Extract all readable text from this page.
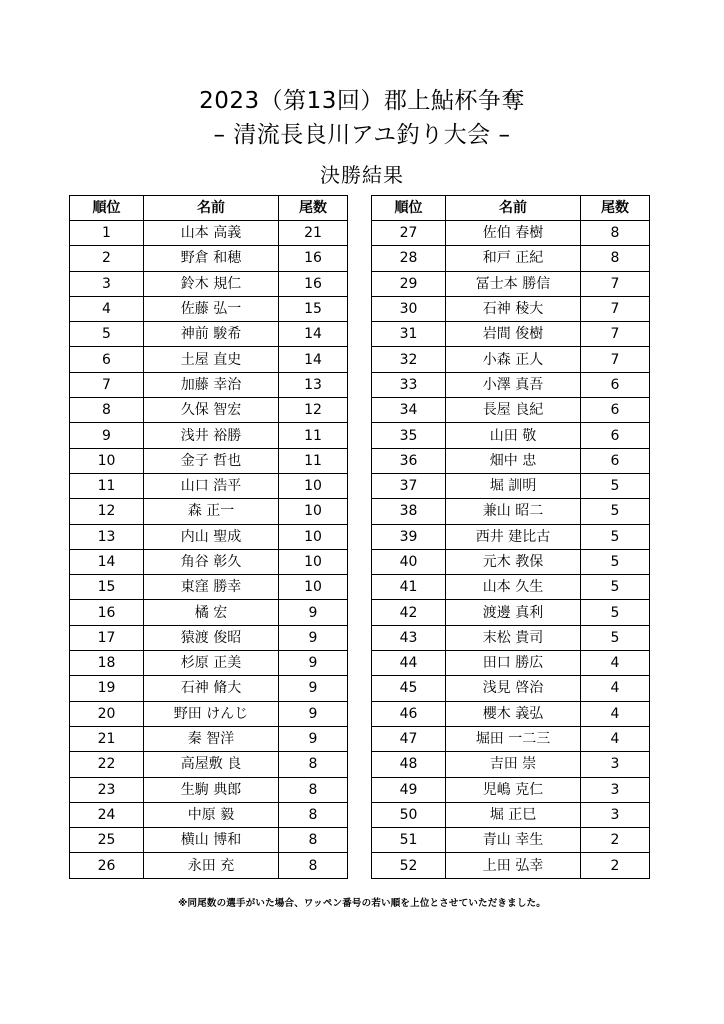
2023（第13回）郡上鮎杯争奪
– 清流長良川アユ釣り大会 –
決勝結果
順位	名前	尾数
1	山本 高義	21
2	野倉 和穂	16
3	鈴木 規仁	16
4	佐藤 弘一	15
5	神前 駿希	14
6	土屋 直史	14
7	加藤 幸治	13
8	久保 智宏	12
9	浅井 裕勝	11
10	金子 哲也	11
11	山口 浩平	10
12	森 正一	10
13	内山 聖成	10
14	角谷 彰久	10
15	東窪 勝幸	10
16	橘 宏	9
17	猿渡 俊昭	9
18	杉原 正美	9
19	石神 脩大	9
20	野田 けんじ	9
21	秦 智洋	9
22	高屋敷 良	8
23	生駒 典郎	8
24	中原 毅	8
25	横山 博和	8
26	永田 充	8
順位	名前	尾数
27	佐伯 春樹	8
28	和戸 正紀	8
29	冨士本 勝信	7
30	石神 稜大	7
31	岩間 俊樹	7
32	小森 正人	7
33	小澤 真吾	6
34	長屋 良紀	6
35	山田 敬	6
36	畑中 忠	6
37	堀 訓明	5
38	兼山 昭二	5
39	西井 建比古	5
40	元木 教保	5
41	山本 久生	5
42	渡邊 真利	5
43	末松 貴司	5
44	田口 勝広	4
45	浅見 啓治	4
46	櫻木 義弘	4
47	堀田 一二三	4
48	吉田 崇	3
49	児嶋 克仁	3
50	堀 正巳	3
51	青山 幸生	2
52	上田 弘幸	2
※同尾数の選手がいた場合、ワッペン番号の若い順を上位とさせていただきました。
